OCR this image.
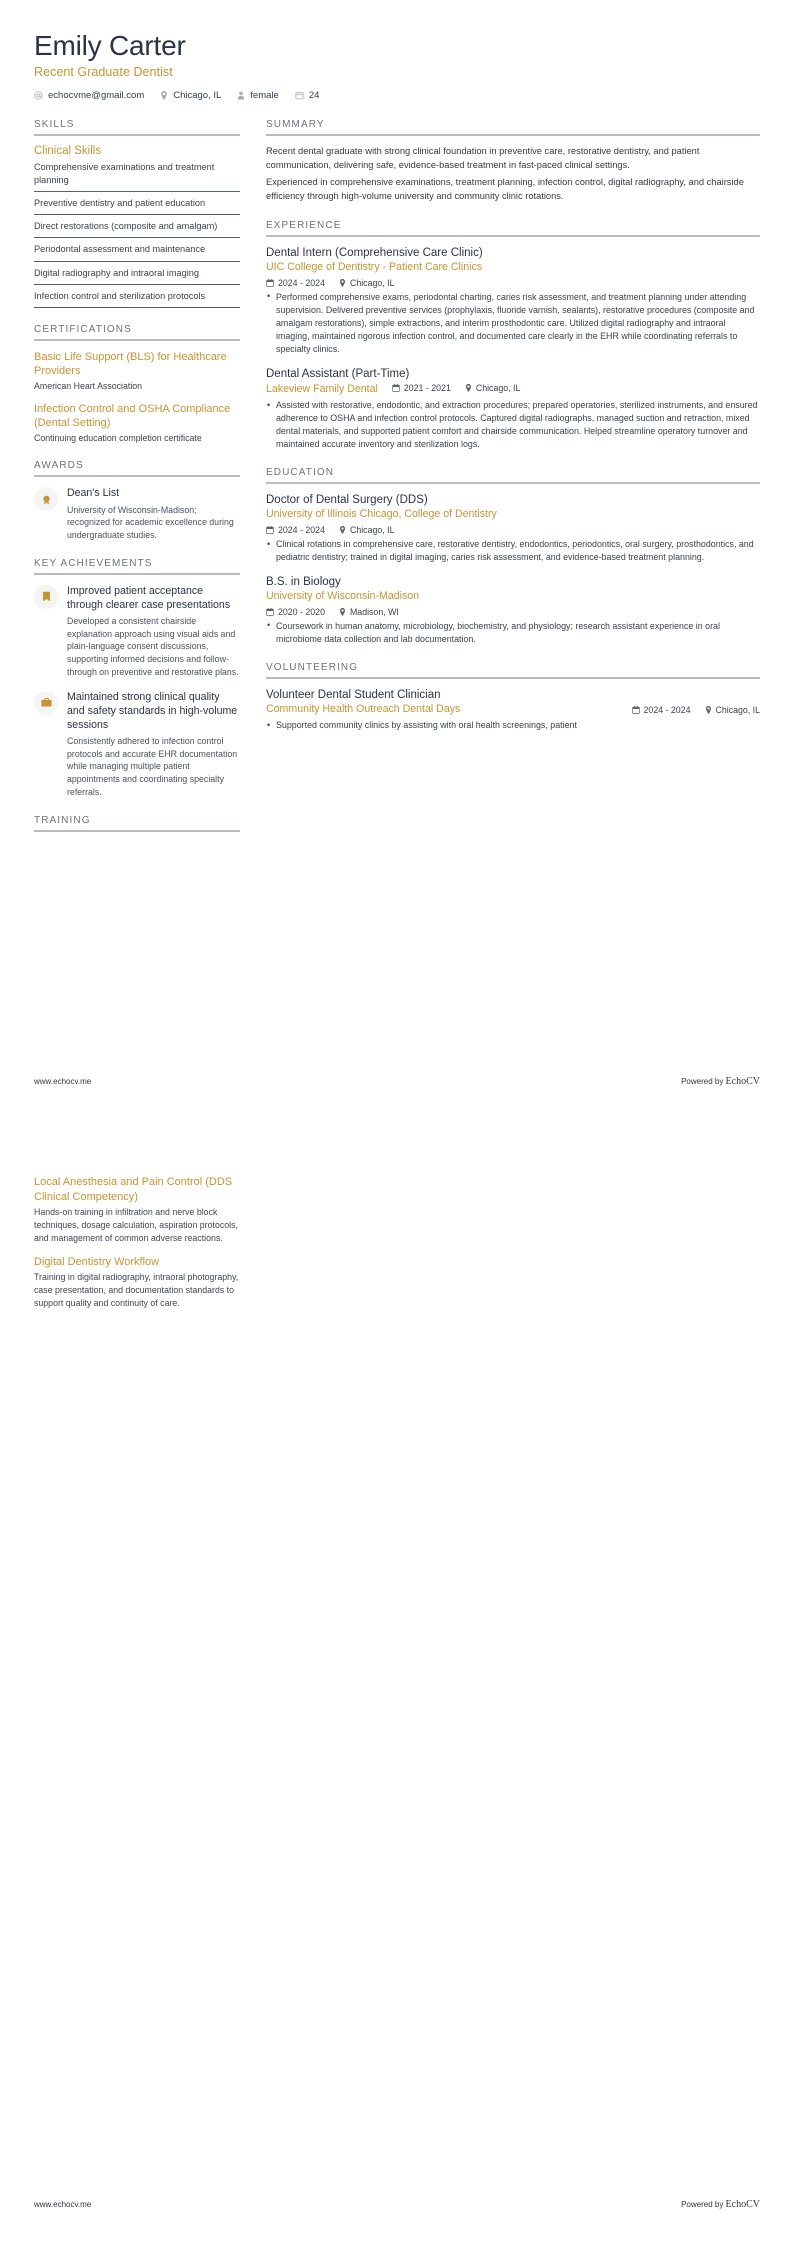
Emily Carter
Recent Graduate Dentist
echocvme@gmail.com	Chicago, IL	female	24
SKILLS
Clinical Skills
Comprehensive examinations and treatment planning
Preventive dentistry and patient education
Direct restorations (composite and amalgam)
Periodontal assessment and maintenance
Digital radiography and intraoral imaging
Infection control and sterilization protocols
CERTIFICATIONS
Basic Life Support (BLS) for Healthcare Providers
American Heart Association
Infection Control and OSHA Compliance (Dental Setting)
Continuing education completion certificate
AWARDS
Dean's List
University of Wisconsin-Madison; recognized for academic excellence during undergraduate studies.
KEY ACHIEVEMENTS
Improved patient acceptance through clearer case presentations
Developed a consistent chairside explanation approach using visual aids and plain-language consent discussions, supporting informed decisions and follow-through on preventive and restorative plans.
Maintained strong clinical quality and safety standards in high-volume sessions
Consistently adhered to infection control protocols and accurate EHR documentation while managing multiple patient appointments and coordinating specialty referrals.
TRAINING
SUMMARY

Recent dental graduate with strong clinical foundation in preventive care, restorative dentistry, and patient communication, delivering safe, evidence-based treatment in fast-paced clinical settings.

Experienced in comprehensive examinations, treatment planning, infection control, digital radiography, and chairside efficiency through high-volume university and community clinic rotations.

EXPERIENCE
Dental Intern (Comprehensive Care Clinic)
UIC College of Dentistry - Patient Care Clinics
2024 - 2024	Chicago, IL
• Performed comprehensive exams, periodontal charting, caries risk assessment, and treatment planning under attending supervision. Delivered preventive services (prophylaxis, fluoride varnish, sealants), restorative procedures (composite and amalgam restorations), simple extractions, and interim prosthodontic care. Utilized digital radiography and intraoral imaging, maintained rigorous infection control, and documented care clearly in the EHR while coordinating referrals to specialty clinics.
Dental Assistant (Part-Time)
Lakeview Family Dental	2021 - 2021	Chicago, IL
• Assisted with restorative, endodontic, and extraction procedures; prepared operatories, sterilized instruments, and ensured adherence to OSHA and infection control protocols. Captured digital radiographs, managed suction and retraction, mixed dental materials, and supported patient comfort and chairside communication. Helped streamline operatory turnover and maintained accurate inventory and sterilization logs.
EDUCATION
Doctor of Dental Surgery (DDS)
University of Illinois Chicago, College of Dentistry
2024 - 2024	Chicago, IL
• Clinical rotations in comprehensive care, restorative dentistry, endodontics, periodontics, oral surgery, prosthodontics, and pediatric dentistry; trained in digital imaging, caries risk assessment, and evidence-based treatment planning.
B.S. in Biology
University of Wisconsin-Madison
2020 - 2020	Madison, WI
• Coursework in human anatomy, microbiology, biochemistry, and physiology; research assistant experience in oral microbiome data collection and lab documentation.
VOLUNTEERING
Volunteer Dental Student Clinician
Community Health Outreach Dental Days	2024 - 2024	Chicago, IL
• Supported community clinics by assisting with oral health screenings, patient
www.echocv.me	Powered by EchoCV
Local Anesthesia and Pain Control (DDS Clinical Competency)
Hands-on training in infiltration and nerve block techniques, dosage calculation, aspiration protocols, and management of common adverse reactions.
Digital Dentistry Workflow
Training in digital radiography, intraoral photography, case presentation, and documentation standards to support quality and continuity of care.
www.echocv.me	Powered by EchoCV
